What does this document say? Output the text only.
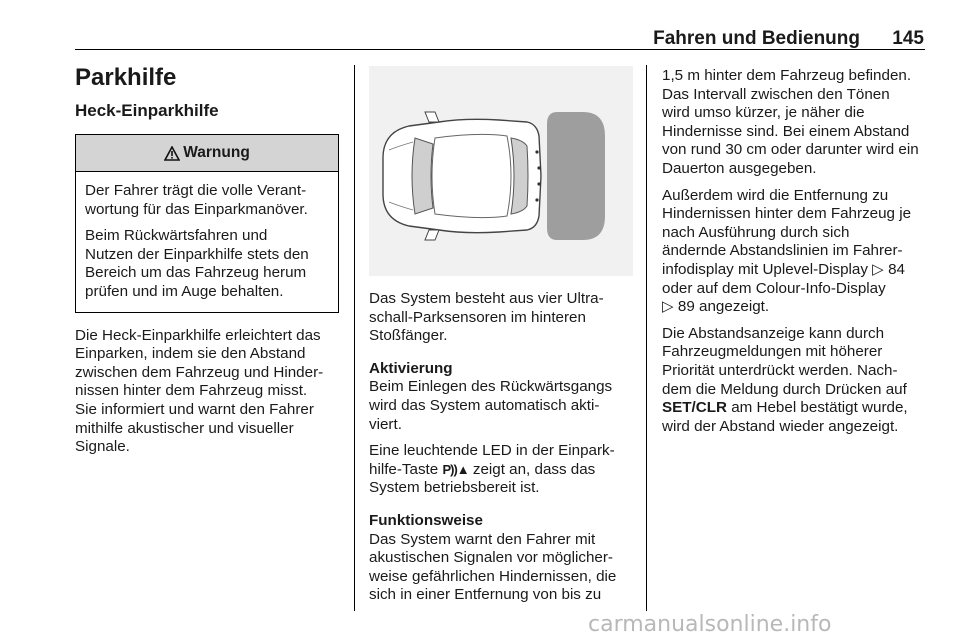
Fahren und Bedienung	145
Parkhilfe
Heck-Einparkhilfe
Warnung

Der Fahrer trägt die volle Verant-
wortung für das Einparkmanöver.

Beim Rückwärtsfahren und
Nutzen der Einparkhilfe stets den
Bereich um das Fahrzeug herum
prüfen und im Auge behalten.

Die Heck-Einparkhilfe erleichtert das
Einparken, indem sie den Abstand
zwischen dem Fahrzeug und Hinder-
nissen hinter dem Fahrzeug misst.
Sie informiert und warnt den Fahrer
mithilfe akustischer und visueller
Signale.

Das System besteht aus vier Ultra-
schall-Parksensoren im hinteren
Stoßfänger.

Aktivierung
Beim Einlegen des Rückwärtsgangs
wird das System automatisch akti-
viert.

Eine leuchtende LED in der Einpark-
hilfe-Taste P))▲ zeigt an, dass das
System betriebsbereit ist.

Funktionsweise
Das System warnt den Fahrer mit
akustischen Signalen vor möglicher-
weise gefährlichen Hindernissen, die
sich in einer Entfernung von bis zu

1,5 m hinter dem Fahrzeug befinden.
Das Intervall zwischen den Tönen
wird umso kürzer, je näher die
Hindernisse sind. Bei einem Abstand
von rund 30 cm oder darunter wird ein
Dauerton ausgegeben.

Außerdem wird die Entfernung zu
Hindernissen hinter dem Fahrzeug je
nach Ausführung durch sich
ändernde Abstandslinien im Fahrer-
infodisplay mit Uplevel-Display ▷ 84
oder auf dem Colour-Info-Display
▷ 89 angezeigt.

Die Abstandsanzeige kann durch
Fahrzeugmeldungen mit höherer
Priorität unterdrückt werden. Nach-
dem die Meldung durch Drücken auf
SET/CLR am Hebel bestätigt wurde,
wird der Abstand wieder angezeigt.

carmanualsonline.info
